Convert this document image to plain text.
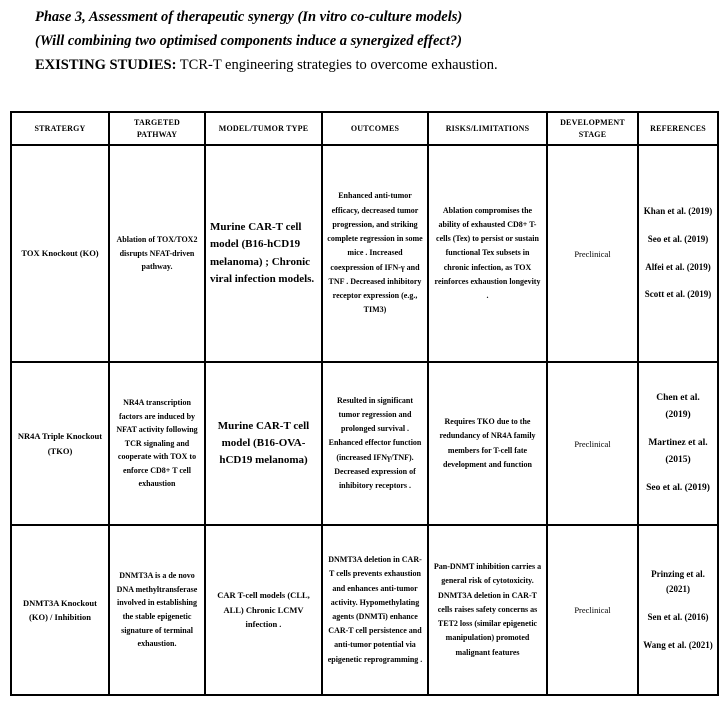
Phase 3, Assessment of therapeutic synergy (In vitro co-culture models)
(Will combining two optimised components induce a synergized effect?)
EXISTING STUDIES: TCR-T engineering strategies to overcome exhaustion.
STRATERGY	TARGETED PATHWAY	MODEL/TUMOR TYPE	OUTCOMES	RISKS/LIMITATIONS	DEVELOPMENT STAGE	REFERENCES
TOX Knockout (KO)	Ablation of TOX/TOX2 disrupts NFAT-driven pathway.	Murine CAR-T cell model (B16-hCD19 melanoma) ; Chronic viral infection models.	Enhanced anti-tumor efficacy, decreased tumor progression, and striking complete regression in some mice . Increased coexpression of IFN-γ and TNF . Decreased inhibitory receptor expression (e.g., TIM3)	Ablation compromises the ability of exhausted CD8+ T-cells (Tex) to persist or sustain functional Tex subsets in chronic infection, as TOX reinforces exhaustion longevity .	Preclinical	
Khan et al. (2019)
Seo et al. (2019)
Alfei et al. (2019)
Scott et al. (2019)

NR4A Triple Knockout (TKO)	NR4A transcription factors are induced by NFAT activity following TCR signaling and cooperate with TOX to enforce CD8+ T cell exhaustion	Murine CAR-T cell model (B16-OVA-hCD19 melanoma)	Resulted in significant tumor regression and prolonged survival . Enhanced effector function (increased IFNγ/TNF). Decreased expression of inhibitory receptors .	Requires TKO due to the redundancy of NR4A family members for T-cell fate development and function	Preclinical	Chen et al. (2019)
Martinez et al. (2015)
Seo et al. (2019)

DNMT3A Knockout (KO) / Inhibition	DNMT3A is a de novo DNA methyltransferase involved in establishing the stable epigenetic signature of terminal exhaustion.	CAR T-cell models (CLL, ALL) Chronic LCMV infection .	DNMT3A deletion in CAR-T cells prevents exhaustion and enhances anti-tumor activity. Hypomethylating agents (DNMTi) enhance CAR-T cell persistence and anti-tumor potential via epigenetic reprogramming .	Pan-DNMT inhibition carries a general risk of cytotoxicity. DNMT3A deletion in CAR-T cells raises safety concerns as TET2 loss (similar epigenetic manipulation) promoted malignant features	Preclinical	
Prinzing et al. (2021)
Sen et al. (2016)
Wang et al. (2021)
